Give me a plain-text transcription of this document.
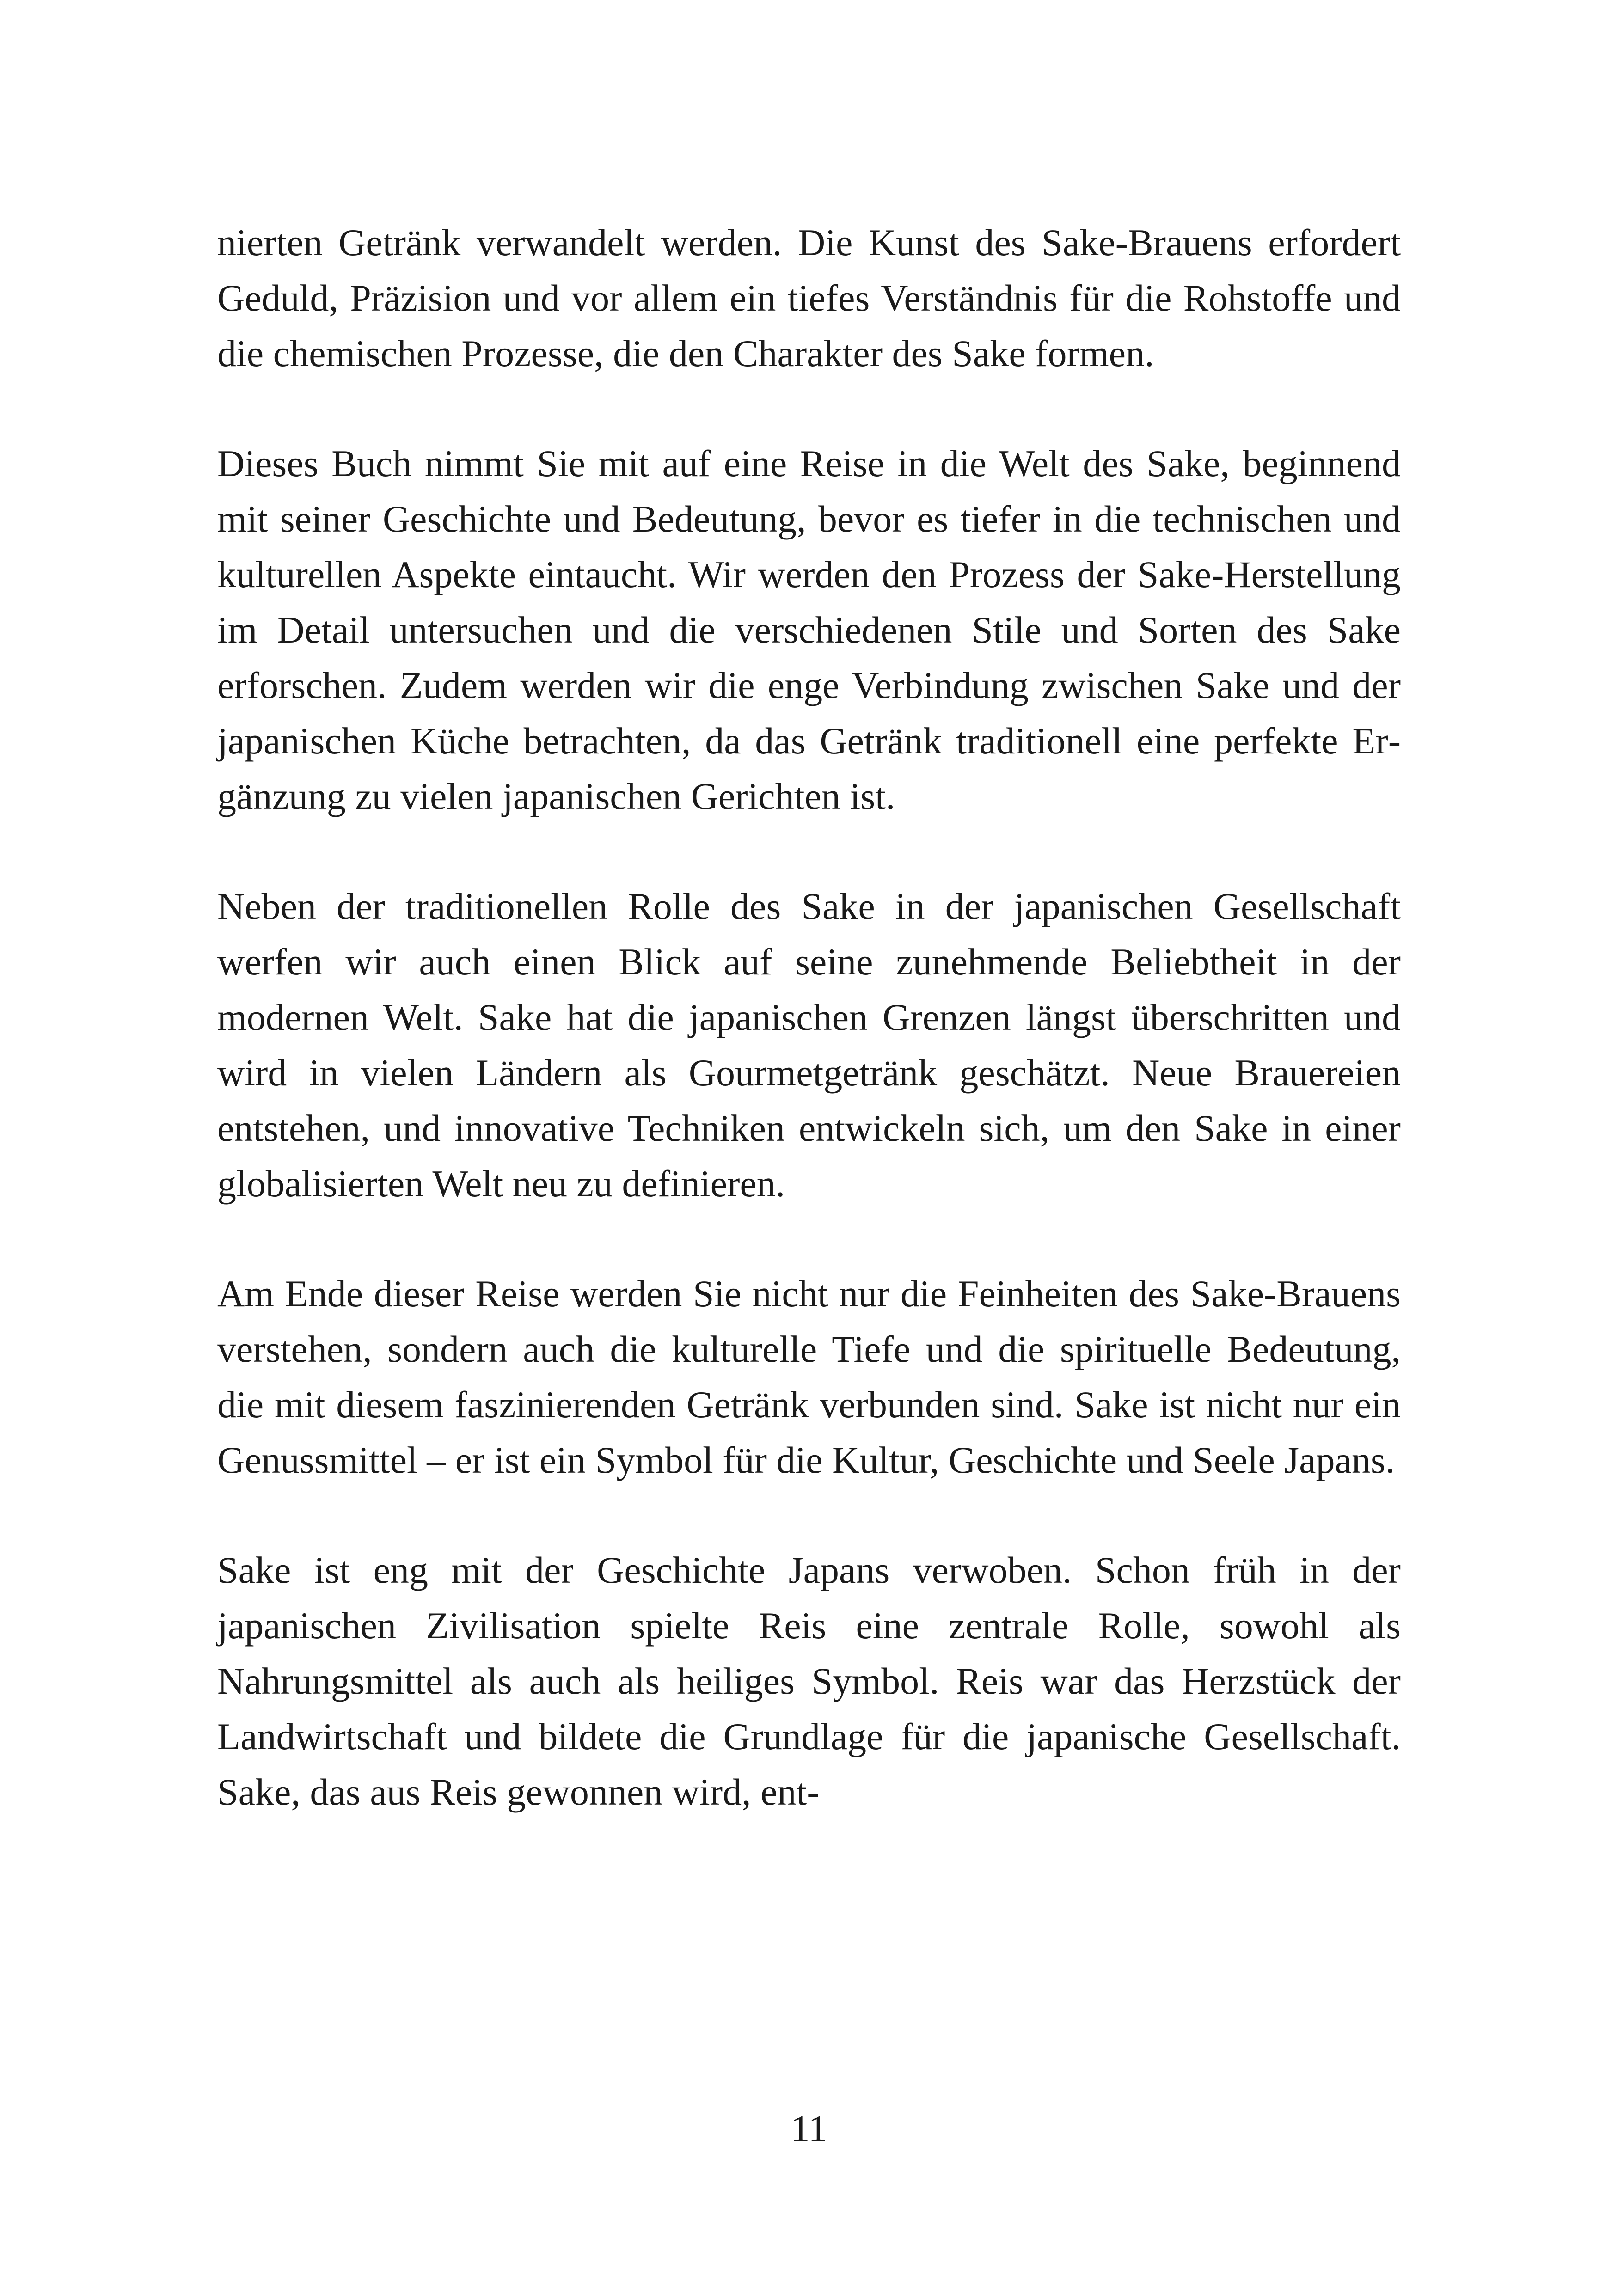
nierten Getränk verwandelt werden. Die Kunst des Sake-Brauens erfordert Geduld, Präzision und vor allem ein tiefes Verständnis für die Rohstoffe und die chemischen Prozesse, die den Charakter des Sake formen.

Dieses Buch nimmt Sie mit auf eine Reise in die Welt des Sake, beginnend mit seiner Geschichte und Bedeutung, bevor es tiefer in die technischen und kulturellen Aspekte eintaucht. Wir werden den Prozess der Sake-Herstellung im Detail untersuchen und die verschiedenen Stile und Sorten des Sake erforschen. Zudem werden wir die enge Verbindung zwischen Sake und der japanischen Küche betrachten, da das Getränk traditionell eine perfekte Ergänzung zu vielen japanischen Gerichten ist.

Neben der traditionellen Rolle des Sake in der japanischen Gesellschaft werfen wir auch einen Blick auf seine zunehmende Beliebtheit in der modernen Welt. Sake hat die japanischen Grenzen längst überschritten und wird in vielen Ländern als Gourmetgetränk geschätzt. Neue Brauereien entstehen, und innovative Techniken entwickeln sich, um den Sake in einer globalisierten Welt neu zu definieren.

Am Ende dieser Reise werden Sie nicht nur die Feinheiten des Sake-Brauens verstehen, sondern auch die kulturelle Tiefe und die spirituelle Bedeutung, die mit diesem faszinierenden Getränk verbunden sind. Sake ist nicht nur ein Genussmittel – er ist ein Symbol für die Kultur, Geschichte und Seele Japans.

Sake ist eng mit der Geschichte Japans verwoben. Schon früh in der japanischen Zivilisation spielte Reis eine zentrale Rolle, sowohl als Nahrungsmittel als auch als heiliges Symbol. Reis war das Herzstück der Landwirtschaft und bildete die Grundlage für die japanische Gesellschaft. Sake, das aus Reis gewonnen wird, ent-

11
